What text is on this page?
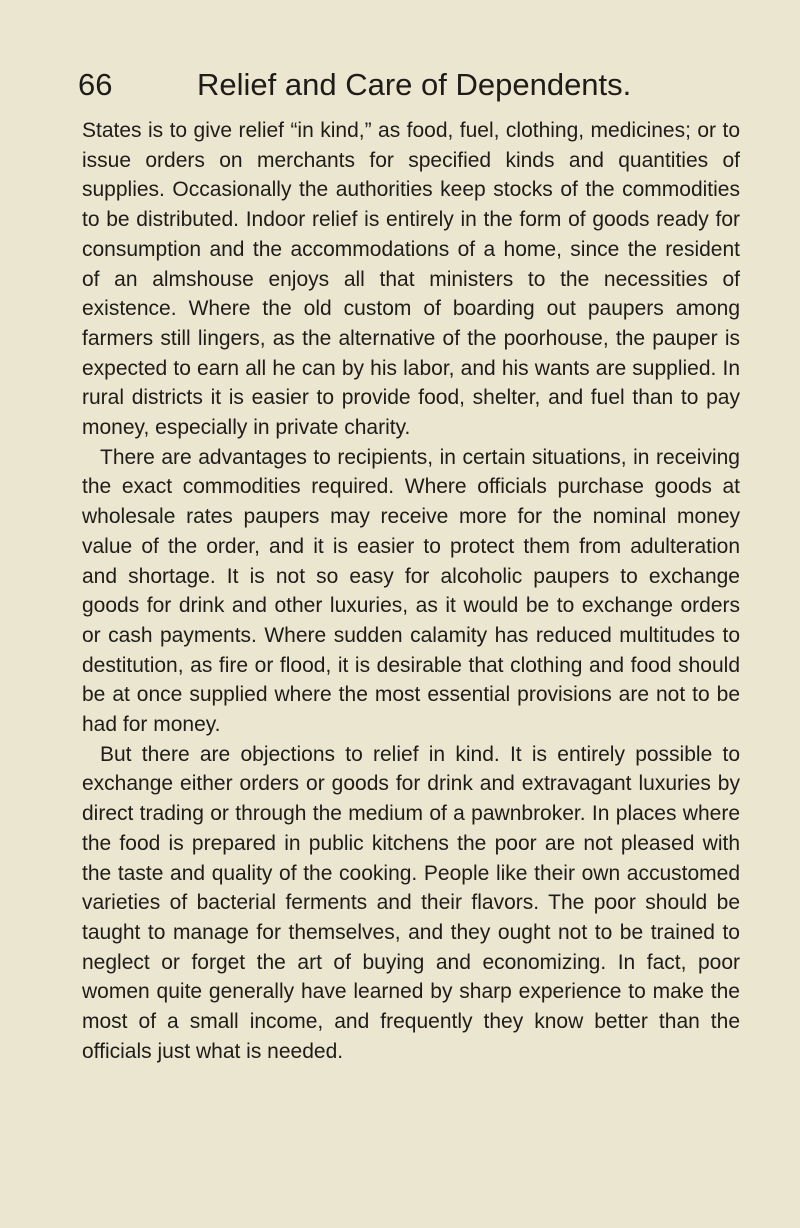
66	Relief and Care of Dependents.

States is to give relief “in kind,” as food, fuel, clothing, medicines; or to issue orders on merchants for specified kinds and quantities of supplies. Occasionally the authorities keep stocks of the commodities to be distributed. Indoor relief is entirely in the form of goods ready for consumption and the accommodations of a home, since the resident of an almshouse enjoys all that ministers to the necessities of existence. Where the old custom of boarding out paupers among farmers still lingers, as the alternative of the poorhouse, the pauper is expected to earn all he can by his labor, and his wants are supplied. In rural districts it is easier to provide food, shelter, and fuel than to pay money, especially in private charity.

There are advantages to recipients, in certain situations, in receiving the exact commodities required. Where officials purchase goods at wholesale rates paupers may receive more for the nominal money value of the order, and it is easier to protect them from adulteration and shortage. It is not so easy for alcoholic paupers to exchange goods for drink and other luxuries, as it would be to exchange orders or cash payments. Where sudden calamity has reduced multitudes to destitution, as fire or flood, it is desirable that clothing and food should be at once supplied where the most essential provisions are not to be had for money.

But there are objections to relief in kind. It is entirely possible to exchange either orders or goods for drink and extravagant luxuries by direct trading or through the medium of a pawnbroker. In places where the food is prepared in public kitchens the poor are not pleased with the taste and quality of the cooking. People like their own accustomed varieties of bacterial ferments and their flavors. The poor should be taught to manage for themselves, and they ought not to be trained to neglect or forget the art of buying and economizing. In fact, poor women quite generally have learned by sharp experience to make the most of a small income, and frequently they know better than the officials just what is needed.
